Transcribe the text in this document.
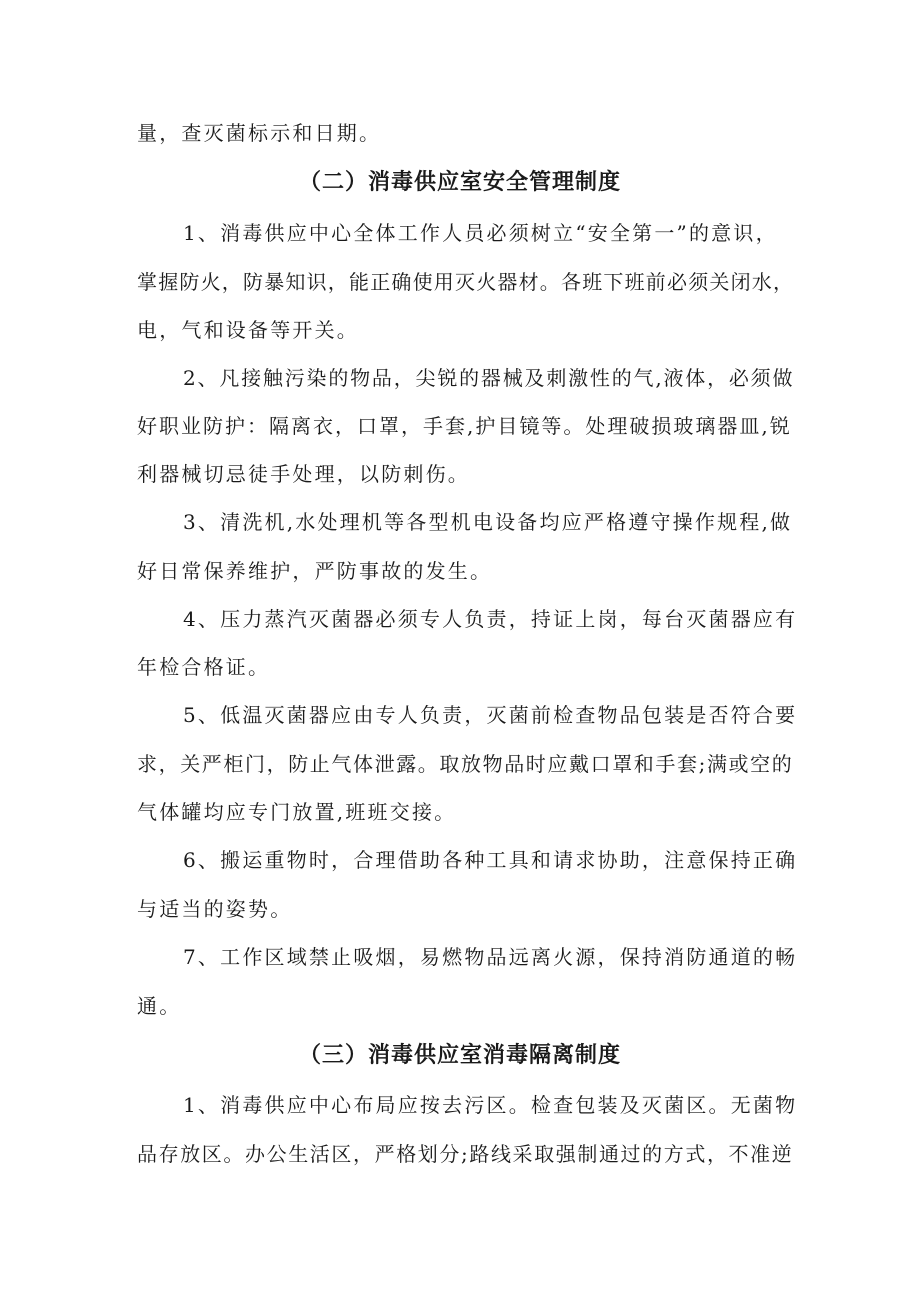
量，查灭菌标示和日期。
（二）消毒供应室安全管理制度
1、消毒供应中心全体工作人员必须树立“安全第一”的意识，
掌握防火，防暴知识，能正确使用灭火器材。各班下班前必须关闭水，
电，气和设备等开关。
2、凡接触污染的物品，尖锐的器械及刺激性的气,液体，必须做
好职业防护：隔离衣，口罩，手套,护目镜等。处理破损玻璃器皿,锐
利器械切忌徒手处理，以防刺伤。
3、清洗机,水处理机等各型机电设备均应严格遵守操作规程,做
好日常保养维护，严防事故的发生。
4、压力蒸汽灭菌器必须专人负责，持证上岗，每台灭菌器应有
年检合格证。
5、低温灭菌器应由专人负责，灭菌前检查物品包装是否符合要
求，关严柜门，防止气体泄露。取放物品时应戴口罩和手套;满或空的
气体罐均应专门放置,班班交接。
6、搬运重物时，合理借助各种工具和请求协助，注意保持正确
与适当的姿势。
7、工作区域禁止吸烟，易燃物品远离火源，保持消防通道的畅
通。
（三）消毒供应室消毒隔离制度
1、消毒供应中心布局应按去污区。检查包装及灭菌区。无菌物
品存放区。办公生活区，严格划分;路线采取强制通过的方式，不准逆
